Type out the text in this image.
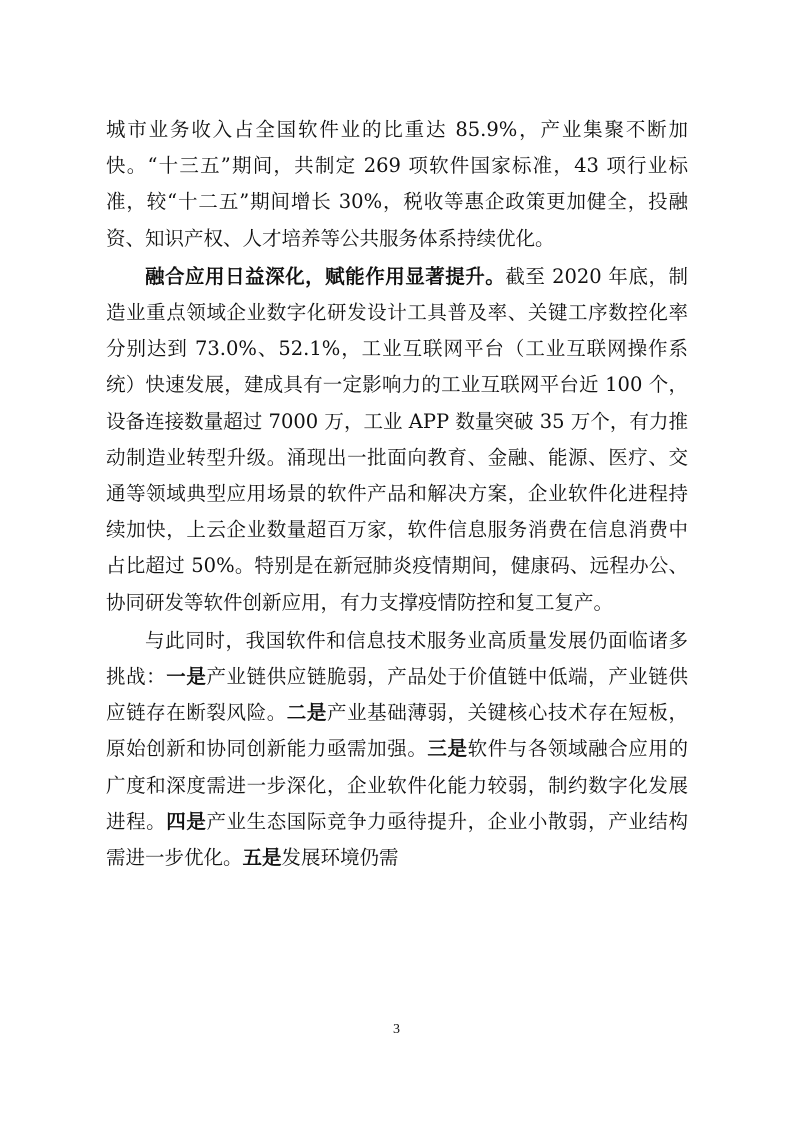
城市业务收入占全国软件业的比重达 85.9%，产业集聚不断加快。“十三五”期间，共制定 269 项软件国家标准，43 项行业标准，较“十二五”期间增长 30%，税收等惠企政策更加健全，投融资、知识产权、人才培养等公共服务体系持续优化。

融合应用日益深化，赋能作用显著提升。截至 2020 年底，制造业重点领域企业数字化研发设计工具普及率、关键工序数控化率分别达到 73.0%、52.1%，工业互联网平台（工业互联网操作系统）快速发展，建成具有一定影响力的工业互联网平台近 100 个，设备连接数量超过 7000 万，工业 APP 数量突破 35 万个，有力推动制造业转型升级。涌现出一批面向教育、金融、能源、医疗、交通等领域典型应用场景的软件产品和解决方案，企业软件化进程持续加快，上云企业数量超百万家，软件信息服务消费在信息消费中占比超过 50%。特别是在新冠肺炎疫情期间，健康码、远程办公、协同研发等软件创新应用，有力支撑疫情防控和复工复产。

与此同时，我国软件和信息技术服务业高质量发展仍面临诸多挑战：一是产业链供应链脆弱，产品处于价值链中低端，产业链供应链存在断裂风险。二是产业基础薄弱，关键核心技术存在短板，原始创新和协同创新能力亟需加强。三是软件与各领域融合应用的广度和深度需进一步深化，企业软件化能力较弱，制约数字化发展进程。四是产业生态国际竞争力亟待提升，企业小散弱，产业结构需进一步优化。五是发展环境仍需

3
